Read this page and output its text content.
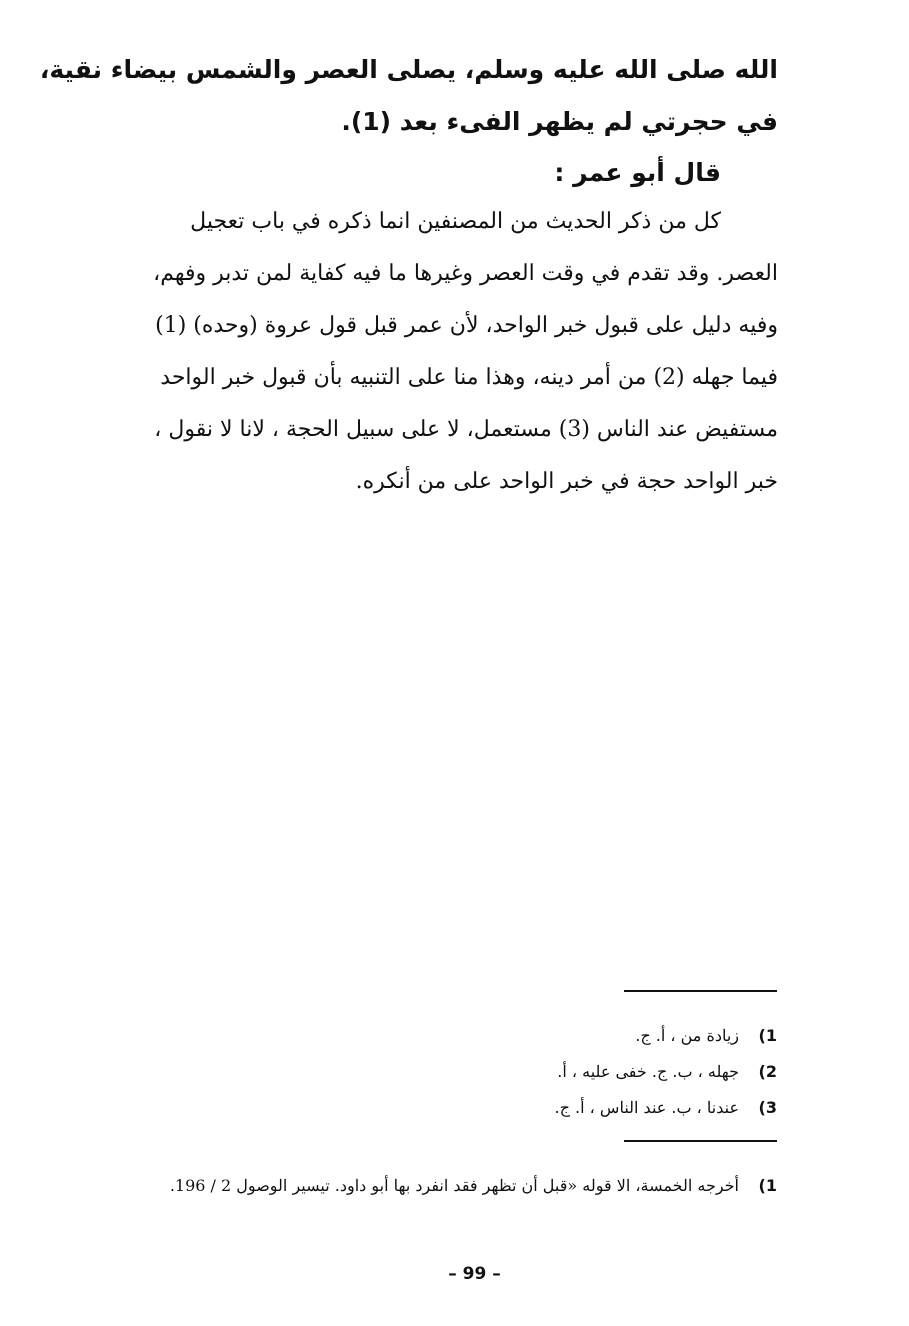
الله صلى الله عليه وسلم، يصلى العصر والشمس بيضاء نقية،
في حجرتي لم يظهر الفىء بعد (1).
قال أبو عمر :
كل من ذكر الحديث من المصنفين انما ذكره في باب تعجيل
العصر. وقد تقدم في وقت العصر وغيرها ما فيه كفاية لمن تدبر وفهم،
وفيه دليل على قبول خبر الواحد، لأن عمر قبل قول عروة (وحده) (1)
فيما جهله (2) من أمر دينه، وهذا منا على التنبيه بأن قبول خبر الواحد
مستفيض عند الناس (3) مستعمل، لا على سبيل الحجة ، لانا لا نقول ،
خبر الواحد حجة في خبر الواحد على من أنكره.
1)زيادة من ، أ. ج.
2)جهله ، ب. ج. خفى عليه ، أ.
3)عندنا ، ب. عند الناس ، أ. ج.
1)أخرجه الخمسة، الا قوله «قبل أن تظهر فقد انفرد بها أبو داود. تيسير الوصول 2 / 196.
– 99 –
